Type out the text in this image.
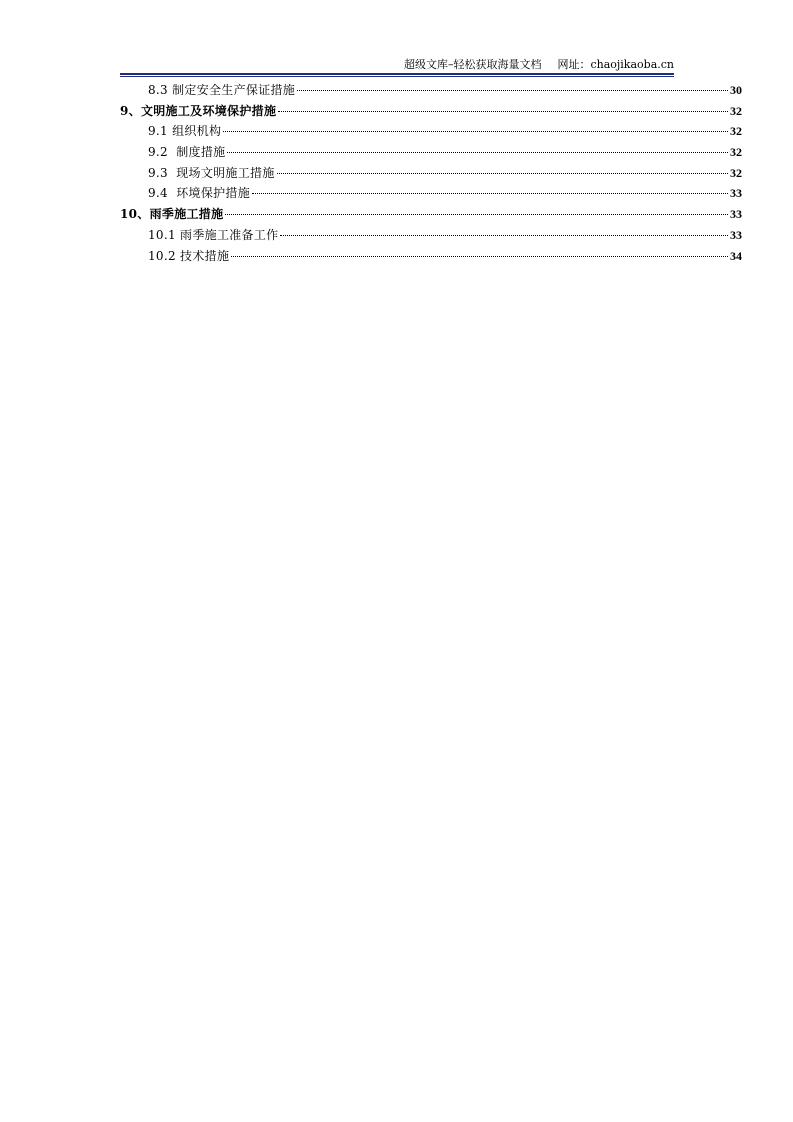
超级文库–轻松获取海量文档 网址：chaojikaoba.cn
8.3 制定安全生产保证措施	30
9、文明施工及环境保护措施	32
9.1 组织机构	32
9.2 制度措施	32
9.3 现场文明施工措施	32
9.4 环境保护措施	33
10、雨季施工措施	33
10.1 雨季施工准备工作	33
10.2 技术措施	34
